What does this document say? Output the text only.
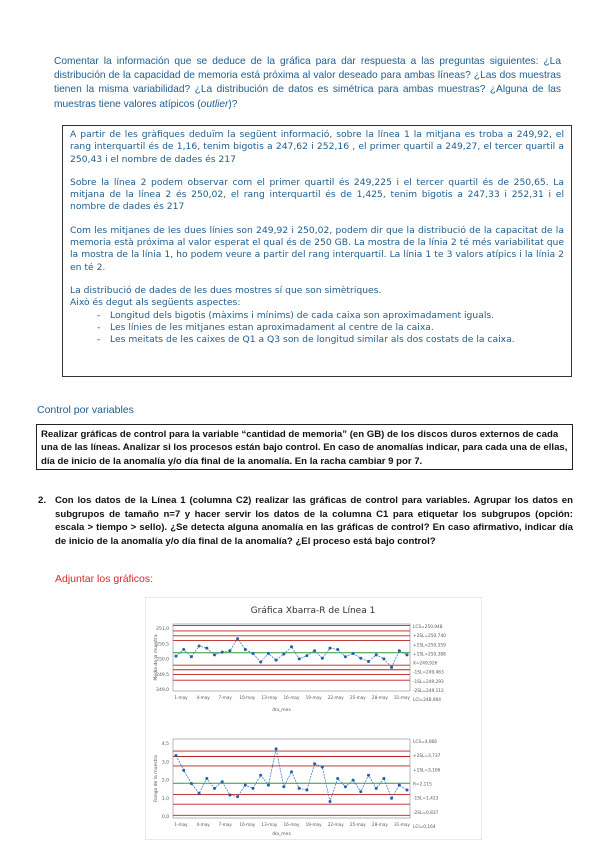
Comentar la información que se deduce de la gráfica para dar respuesta a las preguntas siguientes: ¿La distribución de la capacidad de memoria está próxima al valor deseado para ambas líneas? ¿Las dos muestras tienen la misma variabilidad? ¿La distribución de datos es simétrica para ambas muestras? ¿Alguna de las muestras tiene valores atípicos (outlier)?

A partir de les gràfiques deduïm la següent informació, sobre la línea 1 la mitjana es troba a 249,92, el rang interquartil és de 1,16, tenim bigotis a 247,62 i 252,16 , el primer quartil a 249,27, el tercer quartil a 250,43 i el nombre de dades és 217

Sobre la línea 2 podem observar com el primer quartil és 249,225 i el tercer quartil és de 250,65. La mitjana de la línea 2 és 250,02, el rang interquartil és de 1,425, tenim bigotis a 247,33 i 252,31 i el nombre de dades és 217

Com les mitjanes de les dues línies son 249,92 i 250,02, podem dir que la distribució de la capacitat de la memoria està próxima al valor esperat el qual és de 250 GB. La mostra de la línia 2 té més variabilitat que la mostra de la línia 1, ho podem veure a partir del rang interquartil. La línia 1 te 3 valors atípics i la línia 2 en té 2.

La distribució de dades de les dues mostres sí que son simètriques.

Això és degut als següents aspectes:

- Longitud dels bigotis (màxims i mínims) de cada caixa son aproximadament iguals.
- Les línies de les mitjanes estan aproximadament al centre de la caixa.
- Les meitats de les caixes de Q1 a Q3 son de longitud similar als dos costats de la caixa.
Control por variables
Realizar gráficas de control para la variable “cantidad de memoria” (en GB) de los discos duros externos de cada una de las líneas. Analizar si los procesos están bajo control. En caso de anomalías indicar, para cada una de ellas, día de inicio de la anomalía y/o día final de la anomalía. En la racha cambiar 9 por 7.
2. Con los datos de la Línea 1 (columna C2) realizar las gráficas de control para variables. Agrupar los datos en subgrupos de tamaño n=7 y hacer servir los datos de la columna C1 para etiquetar los subgrupos (opción: escala > tiempo > sello). ¿Se detecta alguna anomalía en las gráficas de control? En caso afirmativo, indicar día de inicio de la anomalía y/o día final de la anomalía? ¿El proceso está bajo control?
Adjuntar los gráficos:
Gráfica Xbarra-R de Línea 1
251,0
250,5
250,0
249,5
249,0
Media de la muestra
1-may 4-may 7-may 10-may 13-may 16-may 19-may 22-may 25-may 28-may 31-may
día_mes
LCS=250,948
+2SL=250,740
+1SL=250,559
+1SL=250,388
X=249,926
-1SL=249,463
-1SL=249,293
-2SL=249,112
LCI=248,904
4,5
3,0
2,0
1,0
0,0
Rango de la muestra
1-may 4-may 7-may 10-may 13-may 16-may 19-may 22-may 25-may 28-may 31-may
día_mes
LCS=4,066
+2SL=3,737
+1SL=3,166
R=2,115
-1SL=1,423
-2SL=0,837
LCI=0,164
